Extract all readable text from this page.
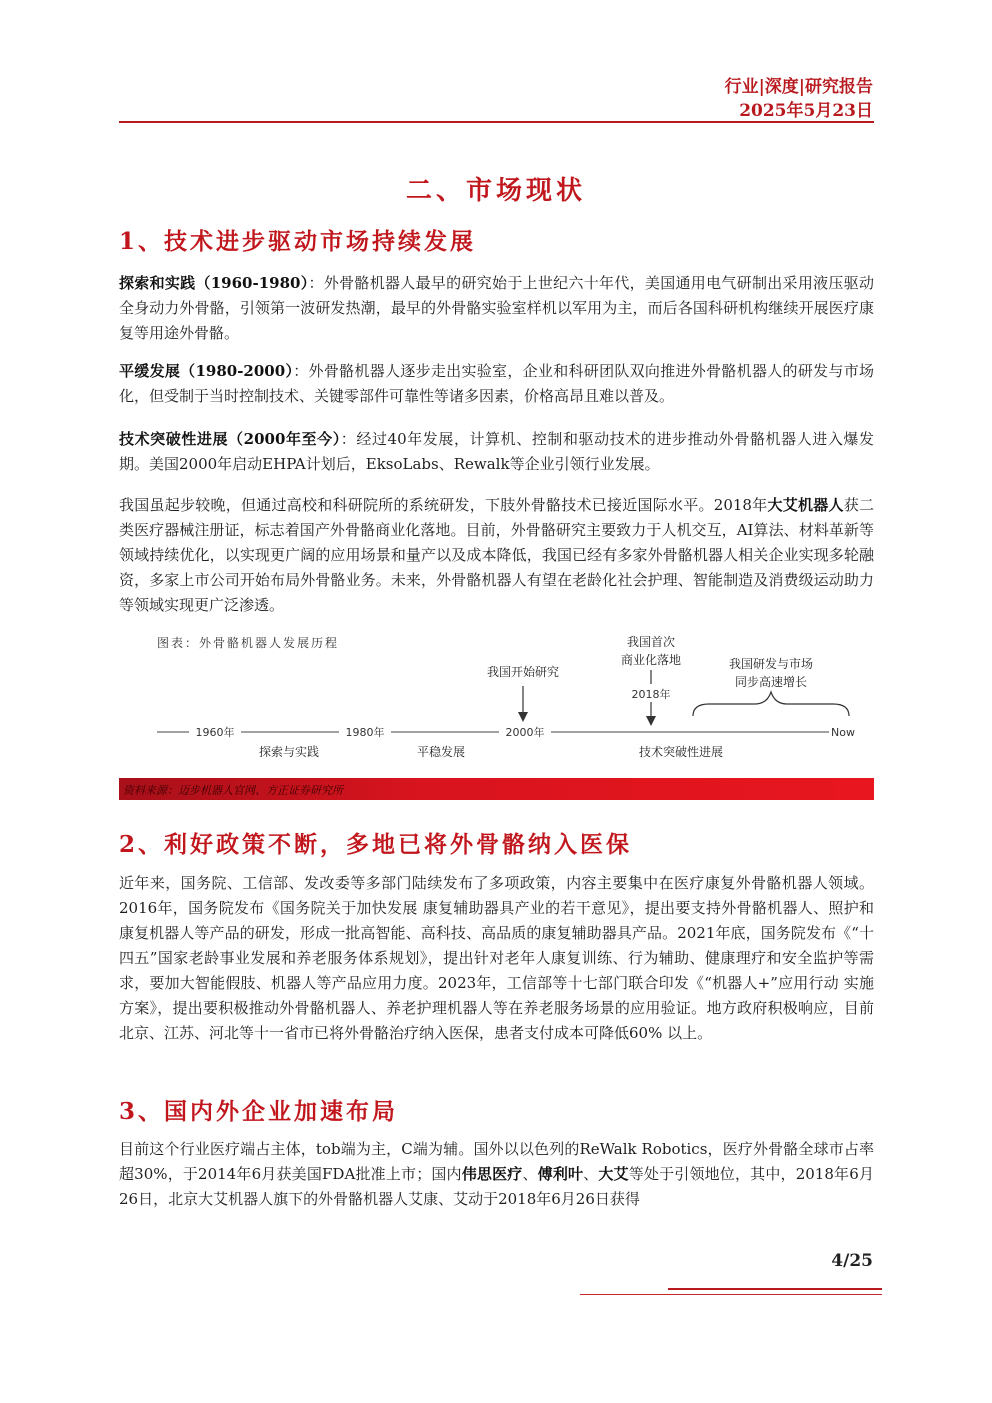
行业|深度|研究报告
2025年5月23日
二、市场现状
1、技术进步驱动市场持续发展

探索和实践（1960-1980）：外骨骼机器人最早的研究始于上世纪六十年代，美国通用电气研制出采用液压驱动全身动力外骨骼，引领第一波研发热潮，最早的外骨骼实验室样机以军用为主，而后各国科研机构继续开展医疗康复等用途外骨骼。

平缓发展（1980-2000）：外骨骼机器人逐步走出实验室，企业和科研团队双向推进外骨骼机器人的研发与市场化，但受制于当时控制技术、关键零部件可靠性等诸多因素，价格高昂且难以普及。

技术突破性进展（2000年至今）：经过40年发展，计算机、控制和驱动技术的进步推动外骨骼机器人进入爆发期。美国2000年启动EHPA计划后，EksoLabs、Rewalk等企业引领行业发展。

我国虽起步较晚，但通过高校和科研院所的系统研发，下肢外骨骼技术已接近国际水平。2018年大艾机器人获二类医疗器械注册证，标志着国产外骨骼商业化落地。目前，外骨骼研究主要致力于人机交互，AI算法、材料革新等领域持续优化，以实现更广阔的应用场景和量产以及成本降低，我国已经有多家外骨骼机器人相关企业实现多轮融资，多家上市公司开始布局外骨骼业务。未来，外骨骼机器人有望在老龄化社会护理、智能制造及消费级运动助力等领域实现更广泛渗透。

1960年	1980年	2000年	Now
探索与实践	平稳发展	技术突破性进展
我国开始研究
我国首次
商业化落地
2018年
我国研发与市场
同步高速增长
图表：外骨骼机器人发展历程
资料来源：迈步机器人官网、方正证券研究所
2、利好政策不断，多地已将外骨骼纳入医保

近年来，国务院、工信部、发改委等多部门陆续发布了多项政策，内容主要集中在医疗康复外骨骼机器人领域。2016年，国务院发布《国务院关于加快发展 康复辅助器具产业的若干意见》，提出要支持外骨骼机器人、照护和康复机器人等产品的研发，形成一批高智能、高科技、高品质的康复辅助器具产品。2021年底，国务院发布《“十四五”国家老龄事业发展和养老服务体系规划》，提出针对老年人康复训练、行为辅助、健康理疗和安全监护等需求，要加大智能假肢、机器人等产品应用力度。2023年，工信部等十七部门联合印发《“机器人+”应用行动 实施方案》，提出要积极推动外骨骼机器人、养老护理机器人等在养老服务场景的应用验证。地方政府积极响应，目前北京、江苏、河北等十一省市已将外骨骼治疗纳入医保，患者支付成本可降低60% 以上。

3、国内外企业加速布局

目前这个行业医疗端占主体，tob端为主，C端为辅。国外以以色列的ReWalk Robotics，医疗外骨骼全球市占率超30%，于2014年6月获美国FDA批准上市；国内伟思医疗、傅利叶、大艾等处于引领地位，其中，2018年6月26日，北京大艾机器人旗下的外骨骼机器人艾康、艾动于2018年6月26日获得

4/25
